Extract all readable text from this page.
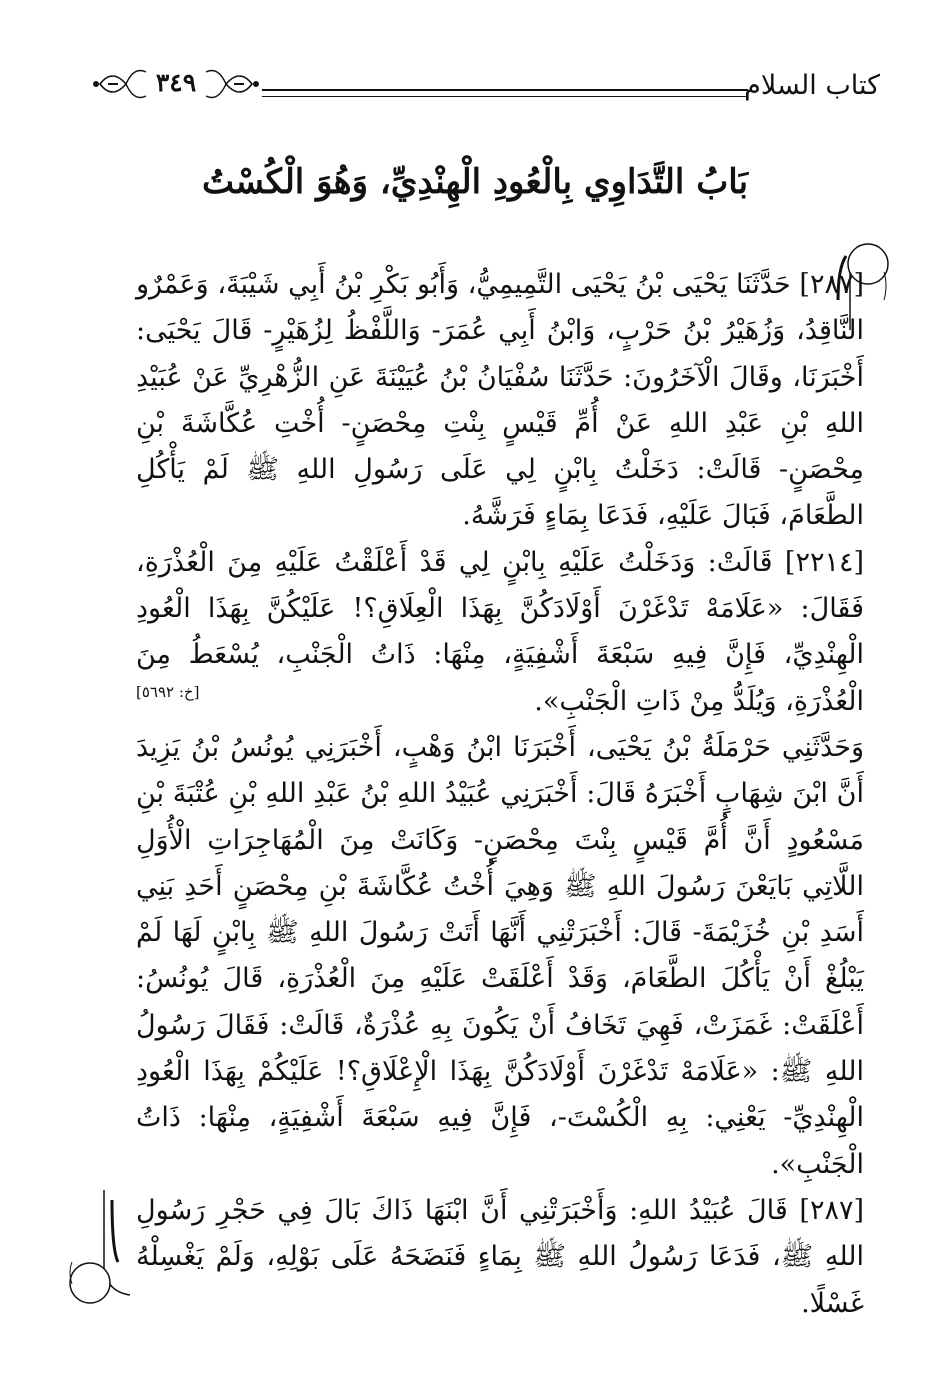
٣٤٩	كتاب السلام
بَابُ التَّدَاوِي بِالْعُودِ الْهِنْدِيِّ، وَهُوَ الْكُسْتُ

[٢٨٧] حَدَّثَنَا يَحْيَى بْنُ يَحْيَى التَّمِيمِيُّ، وَأَبُو بَكْرِ بْنُ أَبِي شَيْبَةَ، وَعَمْرٌو النَّاقِدُ، وَزُهَيْرُ بْنُ حَرْبٍ، وَابْنُ أَبِي عُمَرَ- وَاللَّفْظُ لِزُهَيْرٍ- قَالَ يَحْيَى: أَخْبَرَنَا، وقَالَ الْآخَرُونَ: حَدَّثَنَا سُفْيَانُ بْنُ عُيَيْنَةَ عَنِ الزُّهْرِيِّ عَنْ عُبَيْدِ اللهِ بْنِ عَبْدِ اللهِ عَنْ أُمِّ قَيْسٍ بِنْتِ مِحْصَنٍ- أُخْتِ عُكَّاشَةَ بْنِ مِحْصَنٍ- قَالَتْ: دَخَلْتُ بِابْنٍ لِي عَلَى رَسُولِ اللهِ ﷺ لَمْ يَأْكُلِ الطَّعَامَ، فَبَالَ عَلَيْهِ، فَدَعَا بِمَاءٍ فَرَشَّهُ.

[٢٢١٤] قَالَتْ: وَدَخَلْتُ عَلَيْهِ بِابْنٍ لِي قَدْ أَعْلَقْتُ عَلَيْهِ مِنَ الْعُذْرَةِ، فَقَالَ: «عَلَامَهْ تَدْغَرْنَ أَوْلَادَكُنَّ بِهَذَا الْعِلَاقِ؟! عَلَيْكُنَّ بِهَذَا الْعُودِ الْهِنْدِيِّ، فَإِنَّ فِيهِ سَبْعَةَ أَشْفِيَةٍ، مِنْهَا: ذَاتُ الْجَنْبِ، يُسْعَطُ مِنَ الْعُذْرَةِ، وَيُلَدُّ مِنْ ذَاتِ الْجَنْبِ».

[خ: ٥٦٩٢]

وَحَدَّثَنِي حَرْمَلَةُ بْنُ يَحْيَى، أَخْبَرَنَا ابْنُ وَهْبٍ، أَخْبَرَنِي يُونُسُ بْنُ يَزِيدَ أَنَّ ابْنَ شِهَابٍ أَخْبَرَهُ قَالَ: أَخْبَرَنِي عُبَيْدُ اللهِ بْنُ عَبْدِ اللهِ بْنِ عُتْبَةَ بْنِ مَسْعُودٍ أَنَّ أُمَّ قَيْسٍ بِنْتَ مِحْصَنٍ- وَكَانَتْ مِنَ الْمُهَاجِرَاتِ الْأُوَلِ اللَّاتِي بَايَعْنَ رَسُولَ اللهِ ﷺ وَهِيَ أُخْتُ عُكَّاشَةَ بْنِ مِحْصَنٍ أَحَدِ بَنِي أَسَدِ بْنِ خُزَيْمَةَ- قَالَ: أَخْبَرَتْنِي أَنَّهَا أَتَتْ رَسُولَ اللهِ ﷺ بِابْنٍ لَهَا لَمْ يَبْلُغْ أَنْ يَأْكُلَ الطَّعَامَ، وَقَدْ أَعْلَقَتْ عَلَيْهِ مِنَ الْعُذْرَةِ، قَالَ يُونُسُ: أَعْلَقَتْ: غَمَزَتْ، فَهِيَ تَخَافُ أَنْ يَكُونَ بِهِ عُذْرَةٌ، قَالَتْ: فَقَالَ رَسُولُ اللهِ ﷺ: «عَلَامَهْ تَدْغَرْنَ أَوْلَادَكُنَّ بِهَذَا الْإِعْلَاقِ؟! عَلَيْكُمْ بِهَذَا الْعُودِ الْهِنْدِيِّ- يَعْنِي: بِهِ الْكُسْتَ-، فَإِنَّ فِيهِ سَبْعَةَ أَشْفِيَةٍ، مِنْهَا: ذَاتُ الْجَنْبِ».

[٢٨٧] قَالَ عُبَيْدُ اللهِ: وَأَخْبَرَتْنِي أَنَّ ابْنَهَا ذَاكَ بَالَ فِي حَجْرِ رَسُولِ اللهِ ﷺ، فَدَعَا رَسُولُ اللهِ ﷺ بِمَاءٍ فَنَضَحَهُ عَلَى بَوْلِهِ، وَلَمْ يَغْسِلْهُ غَسْلًا.
